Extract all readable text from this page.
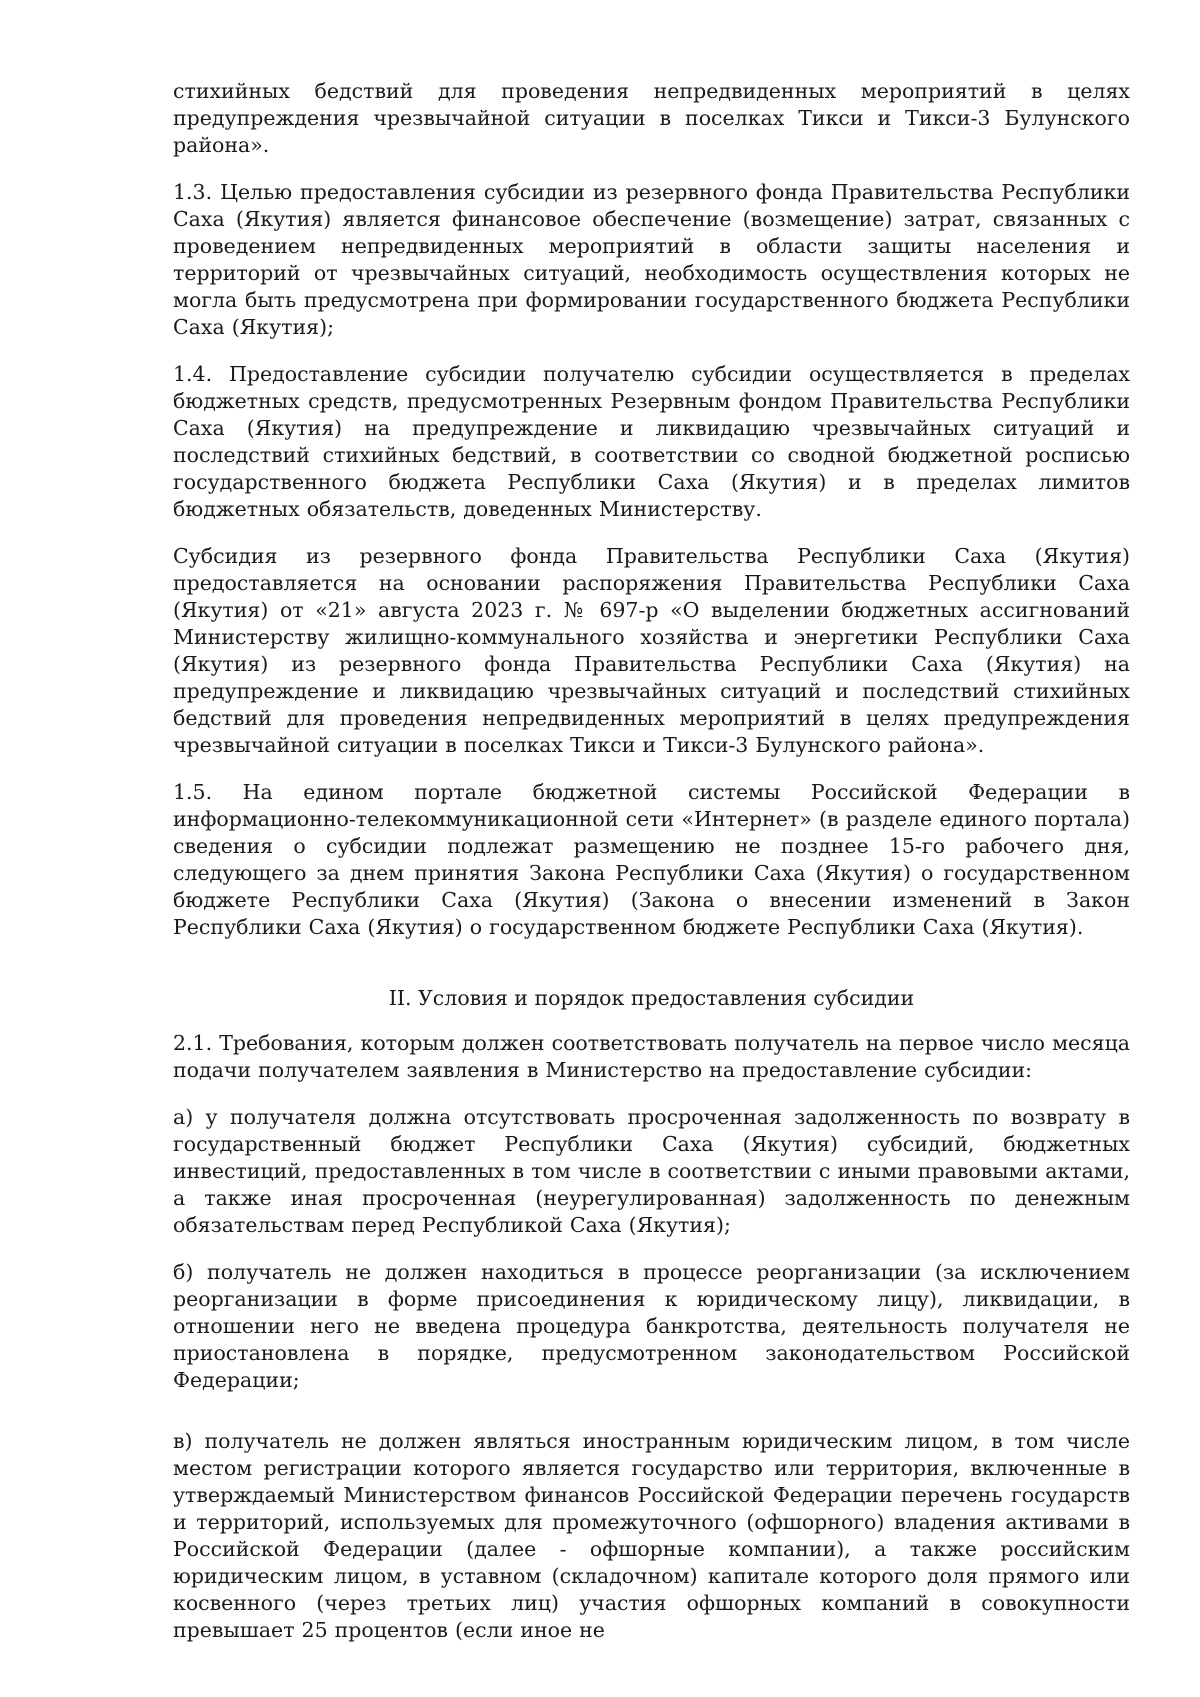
стихийных бедствий для проведения непредвиденных мероприятий в целях предупреждения чрезвычайной ситуации в поселках Тикси и Тикси-3 Булунского района».

1.3. Целью предоставления субсидии из резервного фонда Правительства Республики Саха (Якутия) является финансовое обеспечение (возмещение) затрат, связанных с проведением непредвиденных мероприятий в области защиты населения и территорий от чрезвычайных ситуаций, необходимость осуществления которых не могла быть предусмотрена при формировании государственного бюджета Республики Саха (Якутия);

1.4. Предоставление субсидии получателю субсидии осуществляется в пределах бюджетных средств, предусмотренных Резервным фондом Правительства Республики Саха (Якутия) на предупреждение и ликвидацию чрезвычайных ситуаций и последствий стихийных бедствий, в соответствии со сводной бюджетной росписью государственного бюджета Республики Саха (Якутия) и в пределах лимитов бюджетных обязательств, доведенных Министерству.

Субсидия из резервного фонда Правительства Республики Саха (Якутия) предоставляется на основании распоряжения Правительства Республики Саха (Якутия) от «21» августа 2023 г. № 697-р «О выделении бюджетных ассигнований Министерству жилищно-коммунального хозяйства и энергетики Республики Саха (Якутия) из резервного фонда Правительства Республики Саха (Якутия) на предупреждение и ликвидацию чрезвычайных ситуаций и последствий стихийных бедствий для проведения непредвиденных мероприятий в целях предупреждения чрезвычайной ситуации в поселках Тикси и Тикси-3 Булунского района».

1.5. На едином портале бюджетной системы Российской Федерации в информационно-телекоммуникационной сети «Интернет» (в разделе единого портала) сведения о субсидии подлежат размещению не позднее 15-го рабочего дня, следующего за днем принятия Закона Республики Саха (Якутия) о государственном бюджете Республики Саха (Якутия) (Закона о внесении изменений в Закон Республики Саха (Якутия) о государственном бюджете Республики Саха (Якутия).

II. Условия и порядок предоставления субсидии

2.1. Требования, которым должен соответствовать получатель на первое число месяца подачи получателем заявления в Министерство на предоставление субсидии:

а) у получателя должна отсутствовать просроченная задолженность по возврату в государственный бюджет Республики Саха (Якутия) субсидий, бюджетных инвестиций, предоставленных в том числе в соответствии с иными правовыми актами, а также иная просроченная (неурегулированная) задолженность по денежным обязательствам перед Республикой Саха (Якутия);

б) получатель не должен находиться в процессе реорганизации (за исключением реорганизации в форме присоединения к юридическому лицу), ликвидации, в отношении него не введена процедура банкротства, деятельность получателя не приостановлена в порядке, предусмотренном законодательством Российской Федерации;

в) получатель не должен являться иностранным юридическим лицом, в том числе местом регистрации которого является государство или территория, включенные в утверждаемый Министерством финансов Российской Федерации перечень государств и территорий, используемых для промежуточного (офшорного) владения активами в Российской Федерации (далее - офшорные компании), а также российским юридическим лицом, в уставном (складочном) капитале которого доля прямого или косвенного (через третьих лиц) участия офшорных компаний в совокупности превышает 25 процентов (если иное не
